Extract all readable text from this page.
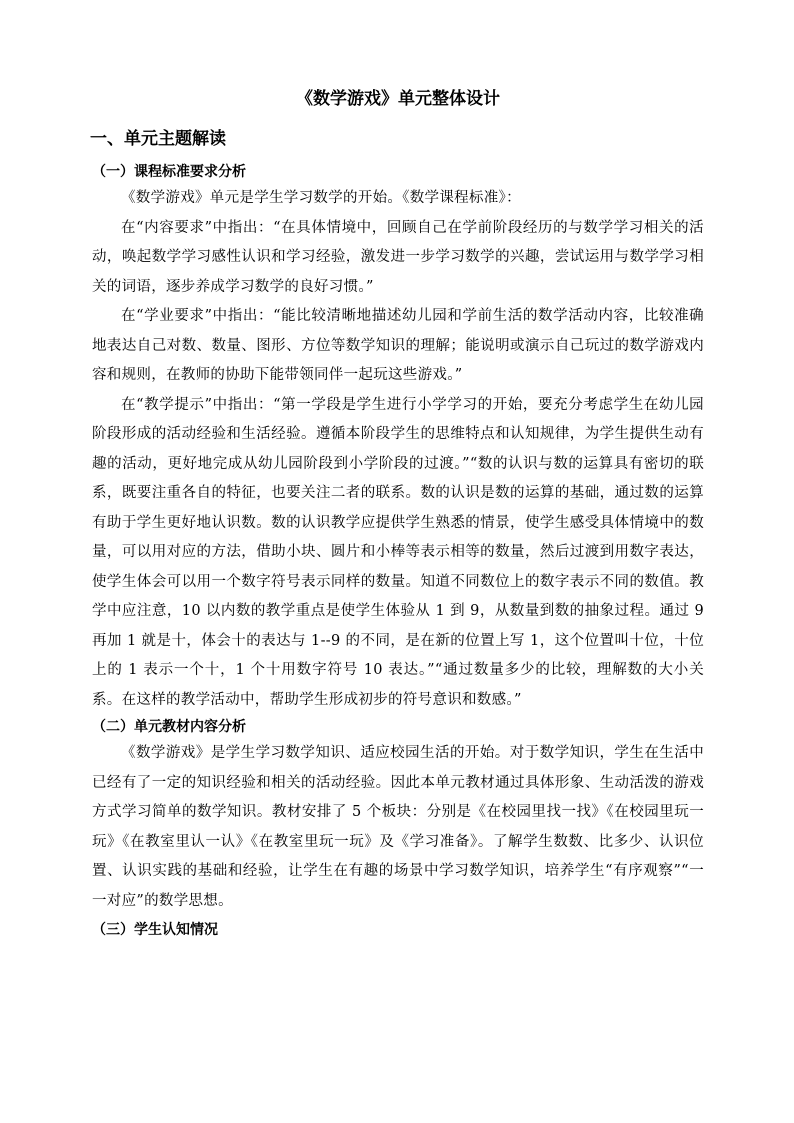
《数学游戏》单元整体设计
一、单元主题解读
（一）课程标准要求分析

《数学游戏》单元是学生学习数学的开始。《数学课程标准》：

在“内容要求”中指出：“在具体情境中，回顾自己在学前阶段经历的与数学学习相关的活动，唤起数学学习感性认识和学习经验，激发进一步学习数学的兴趣，尝试运用与数学学习相关的词语，逐步养成学习数学的良好习惯。”

在“学业要求”中指出：“能比较清晰地描述幼儿园和学前生活的数学活动内容，比较准确地表达自己对数、数量、图形、方位等数学知识的理解；能说明或演示自己玩过的数学游戏内容和规则，在教师的协助下能带领同伴一起玩这些游戏。”

在“教学提示”中指出：“第一学段是学生进行小学学习的开始，要充分考虑学生在幼儿园阶段形成的活动经验和生活经验。遵循本阶段学生的思维特点和认知规律，为学生提供生动有趣的活动，更好地完成从幼儿园阶段到小学阶段的过渡。”“数的认识与数的运算具有密切的联系，既要注重各自的特征，也要关注二者的联系。数的认识是数的运算的基础，通过数的运算有助于学生更好地认识数。数的认识教学应提供学生熟悉的情景，使学生感受具体情境中的数量，可以用对应的方法，借助小块、圆片和小棒等表示相等的数量，然后过渡到用数字表达，使学生体会可以用一个数字符号表示同样的数量。知道不同数位上的数字表示不同的数值。教学中应注意，10 以内数的教学重点是使学生体验从 1 到 9，从数量到数的抽象过程。通过 9 再加 1 就是十，体会十的表达与 1--9 的不同，是在新的位置上写 1，这个位置叫十位，十位上的 1 表示一个十，1 个十用数字符号 10 表达。”“通过数量多少的比较，理解数的大小关系。在这样的教学活动中，帮助学生形成初步的符号意识和数感。”

（二）单元教材内容分析

《数学游戏》是学生学习数学知识、适应校园生活的开始。对于数学知识，学生在生活中已经有了一定的知识经验和相关的活动经验。因此本单元教材通过具体形象、生动活泼的游戏方式学习简单的数学知识。教材安排了 5 个板块：分别是《在校园里找一找》《在校园里玩一玩》《在教室里认一认》《在教室里玩一玩》及《学习准备》。了解学生数数、比多少、认识位置、认识实践的基础和经验，让学生在有趣的场景中学习数学知识，培养学生“有序观察”“一一对应”的数学思想。

（三）学生认知情况
